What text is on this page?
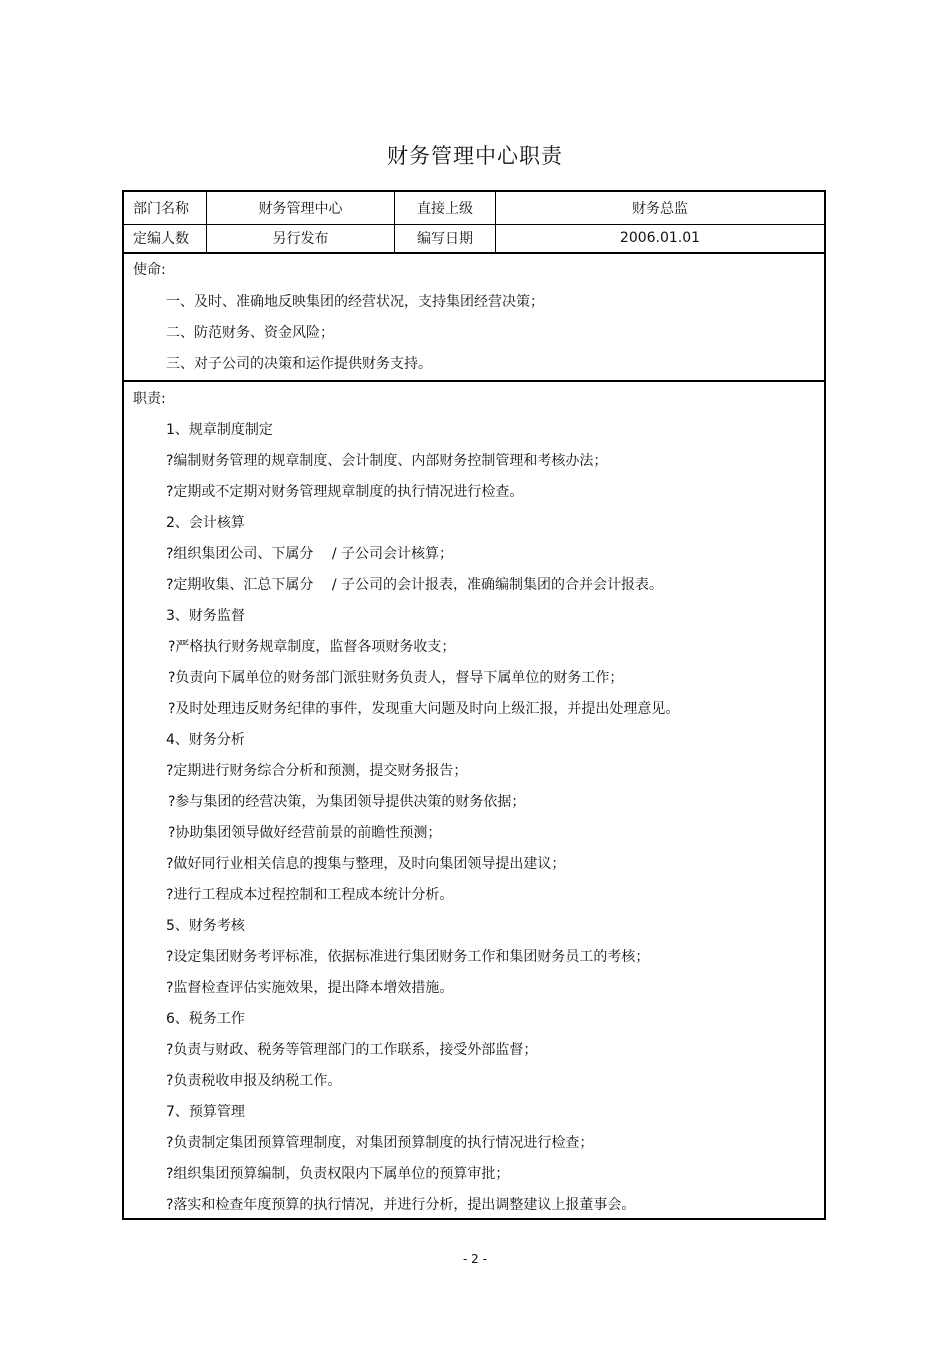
财务管理中心职责
部门名称	财务管理中心	直接上级	财务总监
定编人数	另行发布	编写日期	2006.01.01
使命:
一、及时、准确地反映集团的经营状况，支持集团经营决策；
二、防范财务、资金风险；
三、对子公司的决策和运作提供财务支持。
职责:
1、规章制度制定
?编制财务管理的规章制度、会计制度、内部财务控制管理和考核办法；
?定期或不定期对财务管理规章制度的执行情况进行检查。
2、会计核算
?组织集团公司、下属分　 / 子公司会计核算；
?定期收集、汇总下属分　 / 子公司的会计报表，准确编制集团的合并会计报表。
3、财务监督
?严格执行财务规章制度，监督各项财务收支；
?负责向下属单位的财务部门派驻财务负责人，督导下属单位的财务工作；
?及时处理违反财务纪律的事件，发现重大问题及时向上级汇报，并提出处理意见。
4、财务分析
?定期进行财务综合分析和预测，提交财务报告；
?参与集团的经营决策，为集团领导提供决策的财务依据；
?协助集团领导做好经营前景的前瞻性预测；
?做好同行业相关信息的搜集与整理，及时向集团领导提出建议；
?进行工程成本过程控制和工程成本统计分析。
5、财务考核
?设定集团财务考评标准，依据标准进行集团财务工作和集团财务员工的考核；
?监督检查评估实施效果，提出降本增效措施。
6、税务工作
?负责与财政、税务等管理部门的工作联系，接受外部监督；
?负责税收申报及纳税工作。
7、预算管理
?负责制定集团预算管理制度，对集团预算制度的执行情况进行检查；
?组织集团预算编制，负责权限内下属单位的预算审批；
?落实和检查年度预算的执行情况，并进行分析，提出调整建议上报董事会。
- 2 -
